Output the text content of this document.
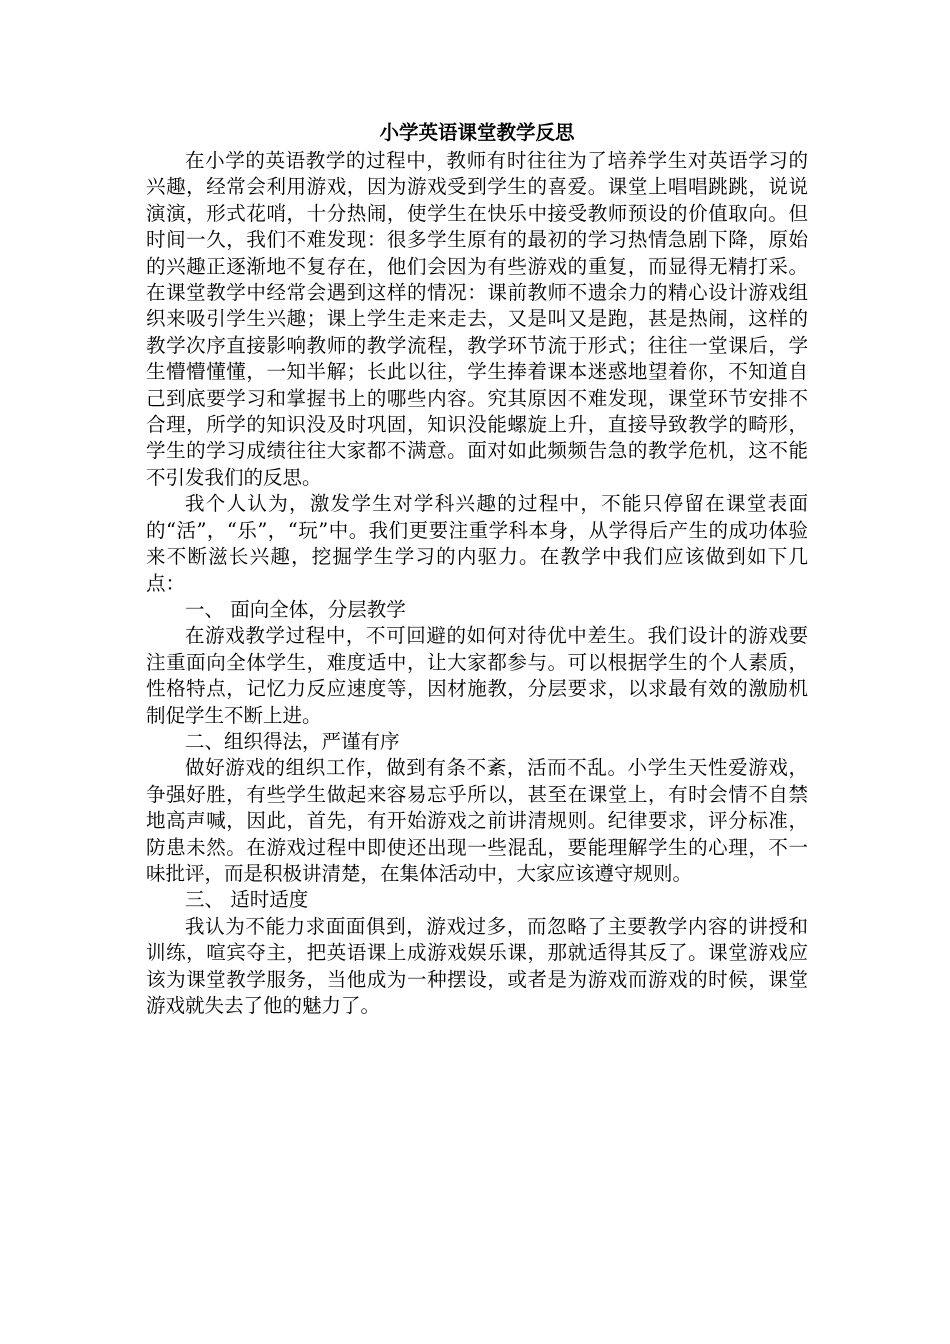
小学英语课堂教学反思

在小学的英语教学的过程中，教师有时往往为了培养学生对英语学习的兴趣，经常会利用游戏，因为游戏受到学生的喜爱。课堂上唱唱跳跳，说说演演，形式花哨，十分热闹，使学生在快乐中接受教师预设的价值取向。但时间一久，我们不难发现：很多学生原有的最初的学习热情急剧下降，原始的兴趣正逐渐地不复存在，他们会因为有些游戏的重复，而显得无精打采。在课堂教学中经常会遇到这样的情况：课前教师不遗余力的精心设计游戏组织来吸引学生兴趣；课上学生走来走去，又是叫又是跑，甚是热闹，这样的教学次序直接影响教师的教学流程，教学环节流于形式；往往一堂课后，学生懵懵懂懂，一知半解；长此以往，学生捧着课本迷惑地望着你，不知道自己到底要学习和掌握书上的哪些内容。究其原因不难发现，课堂环节安排不合理，所学的知识没及时巩固，知识没能螺旋上升，直接导致教学的畸形，学生的学习成绩往往大家都不满意。面对如此频频告急的教学危机，这不能不引发我们的反思。

我个人认为，激发学生对学科兴趣的过程中，不能只停留在课堂表面的“活”，“乐”，“玩”中。我们更要注重学科本身，从学得后产生的成功体验来不断滋长兴趣，挖掘学生学习的内驱力。在教学中我们应该做到如下几点：

一、 面向全体，分层教学

在游戏教学过程中，不可回避的如何对待优中差生。我们设计的游戏要注重面向全体学生，难度适中，让大家都参与。可以根据学生的个人素质，性格特点，记忆力反应速度等，因材施教，分层要求，以求最有效的激励机制促学生不断上进。

二、组织得法，严谨有序

做好游戏的组织工作，做到有条不紊，活而不乱。小学生天性爱游戏，争强好胜，有些学生做起来容易忘乎所以，甚至在课堂上，有时会情不自禁地高声喊，因此，首先，有开始游戏之前讲清规则。纪律要求，评分标准，防患未然。在游戏过程中即使还出现一些混乱，要能理解学生的心理，不一味批评，而是积极讲清楚，在集体活动中，大家应该遵守规则。

三、 适时适度

我认为不能力求面面俱到，游戏过多，而忽略了主要教学内容的讲授和训练，喧宾夺主，把英语课上成游戏娱乐课，那就适得其反了。课堂游戏应该为课堂教学服务，当他成为一种摆设，或者是为游戏而游戏的时候，课堂游戏就失去了他的魅力了。
